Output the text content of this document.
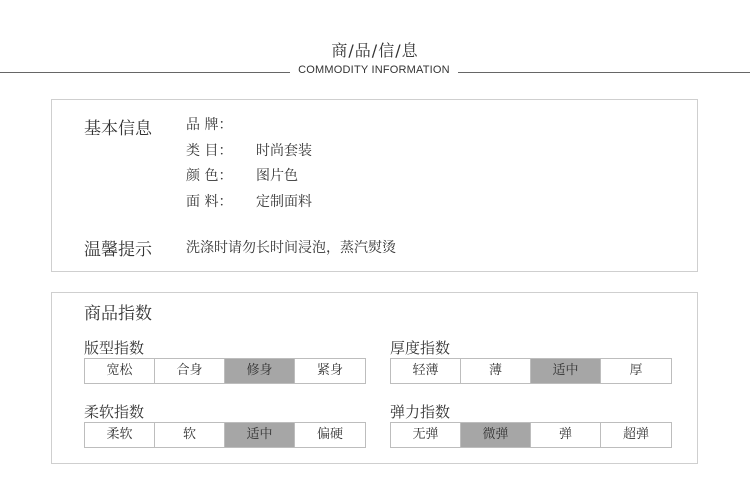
商/品/信/息
COMMODITY INFORMATION
基本信息 品 牌：
类 目： 时尚套装
颜 色： 图片色
面 料： 定制面料
温馨提示 洗涤时请勿长时间浸泡，蒸汽熨烫
商品指数
版型指数
宽松	合身	修身	紧身
厚度指数
轻薄	薄	适中	厚
柔软指数
柔软	软	适中	偏硬
弹力指数
无弹	微弹	弹	超弹
